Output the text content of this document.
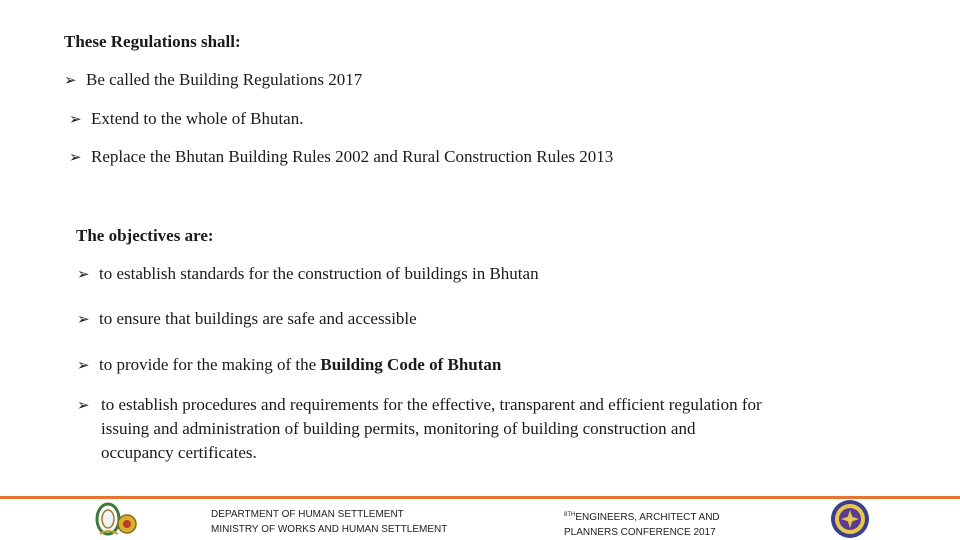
These Regulations shall:
➢ Be called the Building Regulations 2017
➢ Extend to the whole of Bhutan.
➢ Replace the Bhutan Building Rules 2002 and Rural Construction Rules 2013
The objectives are:
➢ to establish standards for the construction of buildings in Bhutan
➢ to ensure that buildings are safe and accessible
➢ to provide for the making of the Building Code of Bhutan
➢ to establish procedures and requirements for the effective, transparent and efficient regulation for
issuing and administration of building permits, monitoring of building construction and
occupancy certificates.
DEPARTMENT OF HUMAN SETTLEMENT
MINISTRY OF WORKS AND HUMAN SETTLEMENT
$^{8TH}$ENGINEERS, ARCHITECT AND
PLANNERS CONFERENCE 2017
